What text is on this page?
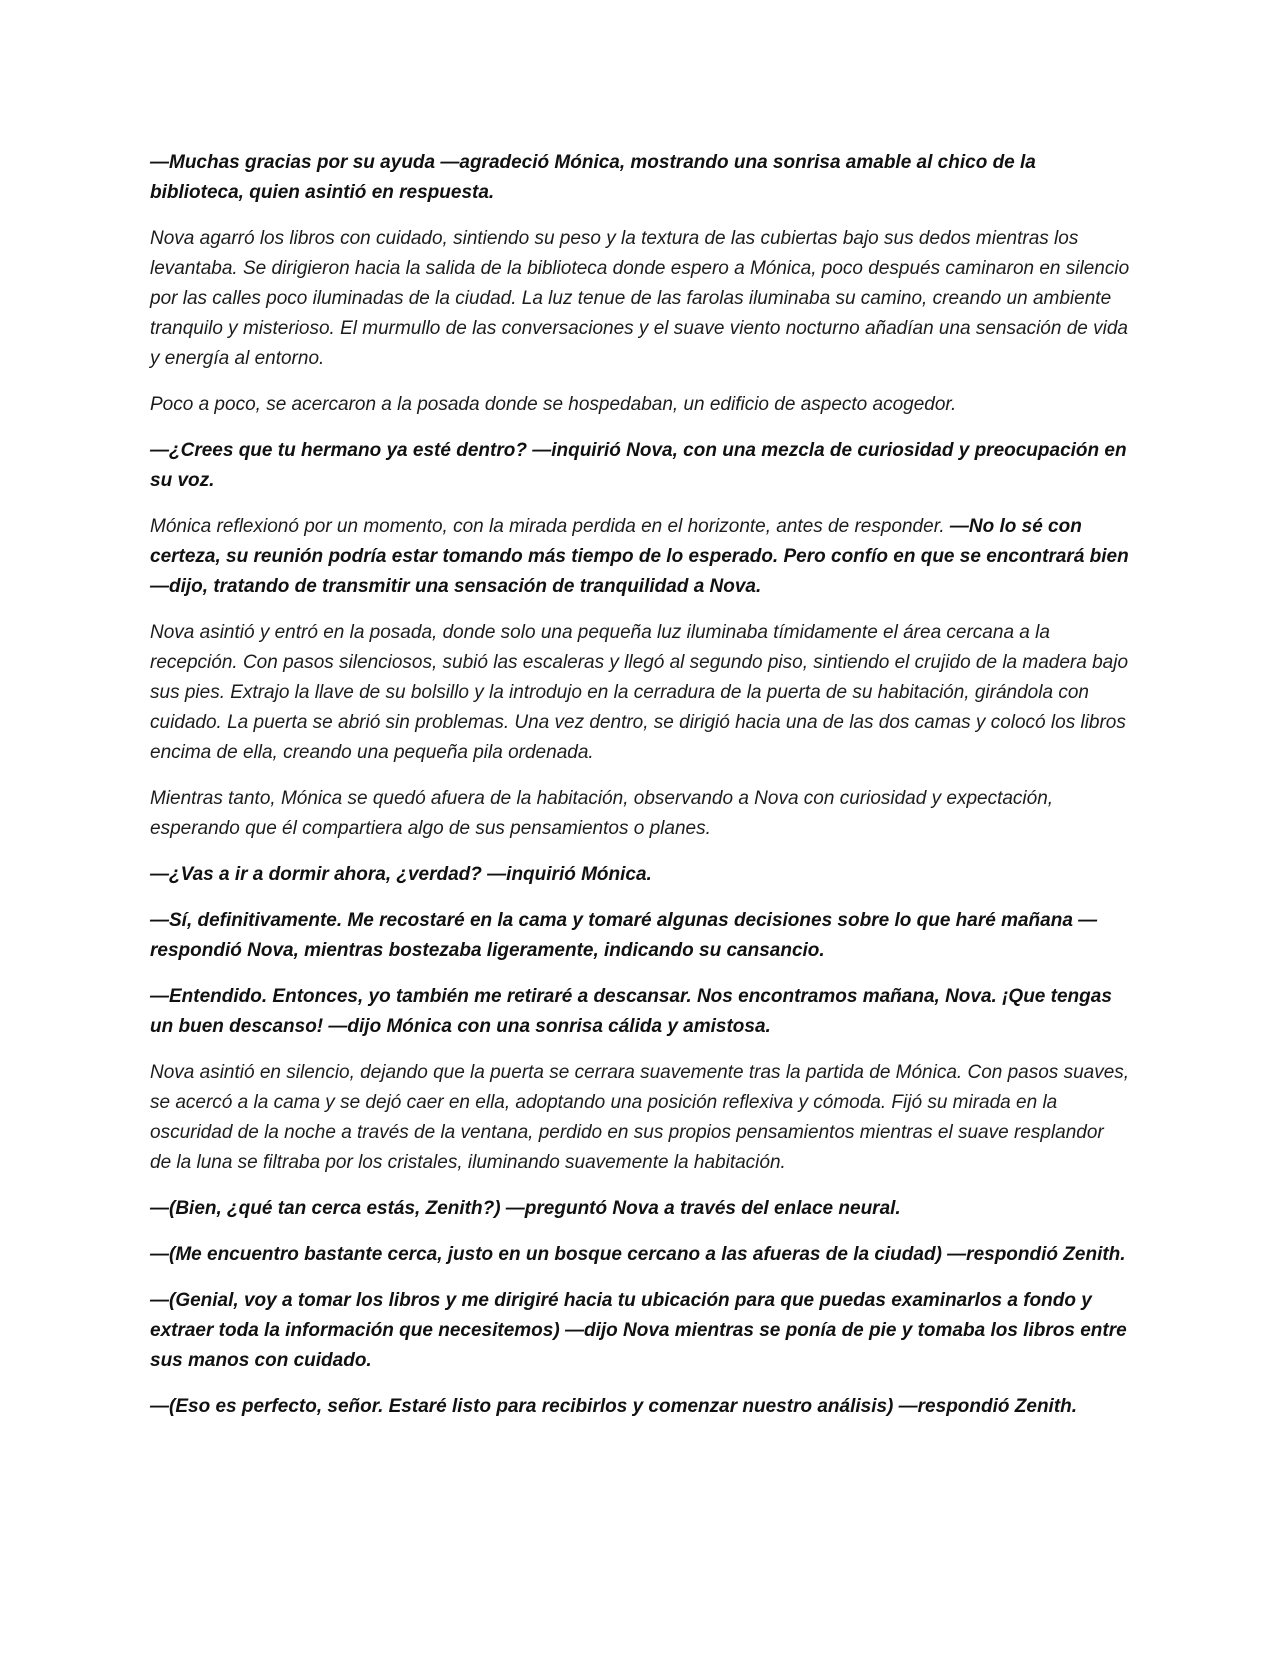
—Muchas gracias por su ayuda —agradeció Mónica, mostrando una sonrisa amable al chico de la biblioteca, quien asintió en respuesta.

Nova agarró los libros con cuidado, sintiendo su peso y la textura de las cubiertas bajo sus dedos mientras los levantaba. Se dirigieron hacia la salida de la biblioteca donde espero a Mónica, poco después caminaron en silencio por las calles poco iluminadas de la ciudad. La luz tenue de las farolas iluminaba su camino, creando un ambiente tranquilo y misterioso. El murmullo de las conversaciones y el suave viento nocturno añadían una sensación de vida y energía al entorno.

Poco a poco, se acercaron a la posada donde se hospedaban, un edificio de aspecto acogedor.

—¿Crees que tu hermano ya esté dentro? —inquirió Nova, con una mezcla de curiosidad y preocupación en su voz.

Mónica reflexionó por un momento, con la mirada perdida en el horizonte, antes de responder. —No lo sé con certeza, su reunión podría estar tomando más tiempo de lo esperado. Pero confío en que se encontrará bien —dijo, tratando de transmitir una sensación de tranquilidad a Nova.

Nova asintió y entró en la posada, donde solo una pequeña luz iluminaba tímidamente el área cercana a la recepción. Con pasos silenciosos, subió las escaleras y llegó al segundo piso, sintiendo el crujido de la madera bajo sus pies. Extrajo la llave de su bolsillo y la introdujo en la cerradura de la puerta de su habitación, girándola con cuidado. La puerta se abrió sin problemas. Una vez dentro, se dirigió hacia una de las dos camas y colocó los libros encima de ella, creando una pequeña pila ordenada.

Mientras tanto, Mónica se quedó afuera de la habitación, observando a Nova con curiosidad y expectación, esperando que él compartiera algo de sus pensamientos o planes.

—¿Vas a ir a dormir ahora, ¿verdad? —inquirió Mónica.

—Sí, definitivamente. Me recostaré en la cama y tomaré algunas decisiones sobre lo que haré mañana —respondió Nova, mientras bostezaba ligeramente, indicando su cansancio.

—Entendido. Entonces, yo también me retiraré a descansar. Nos encontramos mañana, Nova. ¡Que tengas un buen descanso! —dijo Mónica con una sonrisa cálida y amistosa.

Nova asintió en silencio, dejando que la puerta se cerrara suavemente tras la partida de Mónica. Con pasos suaves, se acercó a la cama y se dejó caer en ella, adoptando una posición reflexiva y cómoda. Fijó su mirada en la oscuridad de la noche a través de la ventana, perdido en sus propios pensamientos mientras el suave resplandor de la luna se filtraba por los cristales, iluminando suavemente la habitación.

—(Bien, ¿qué tan cerca estás, Zenith?) —preguntó Nova a través del enlace neural.

—(Me encuentro bastante cerca, justo en un bosque cercano a las afueras de la ciudad) —respondió Zenith.

—(Genial, voy a tomar los libros y me dirigiré hacia tu ubicación para que puedas examinarlos a fondo y extraer toda la información que necesitemos) —dijo Nova mientras se ponía de pie y tomaba los libros entre sus manos con cuidado.

—(Eso es perfecto, señor. Estaré listo para recibirlos y comenzar nuestro análisis) —respondió Zenith.
